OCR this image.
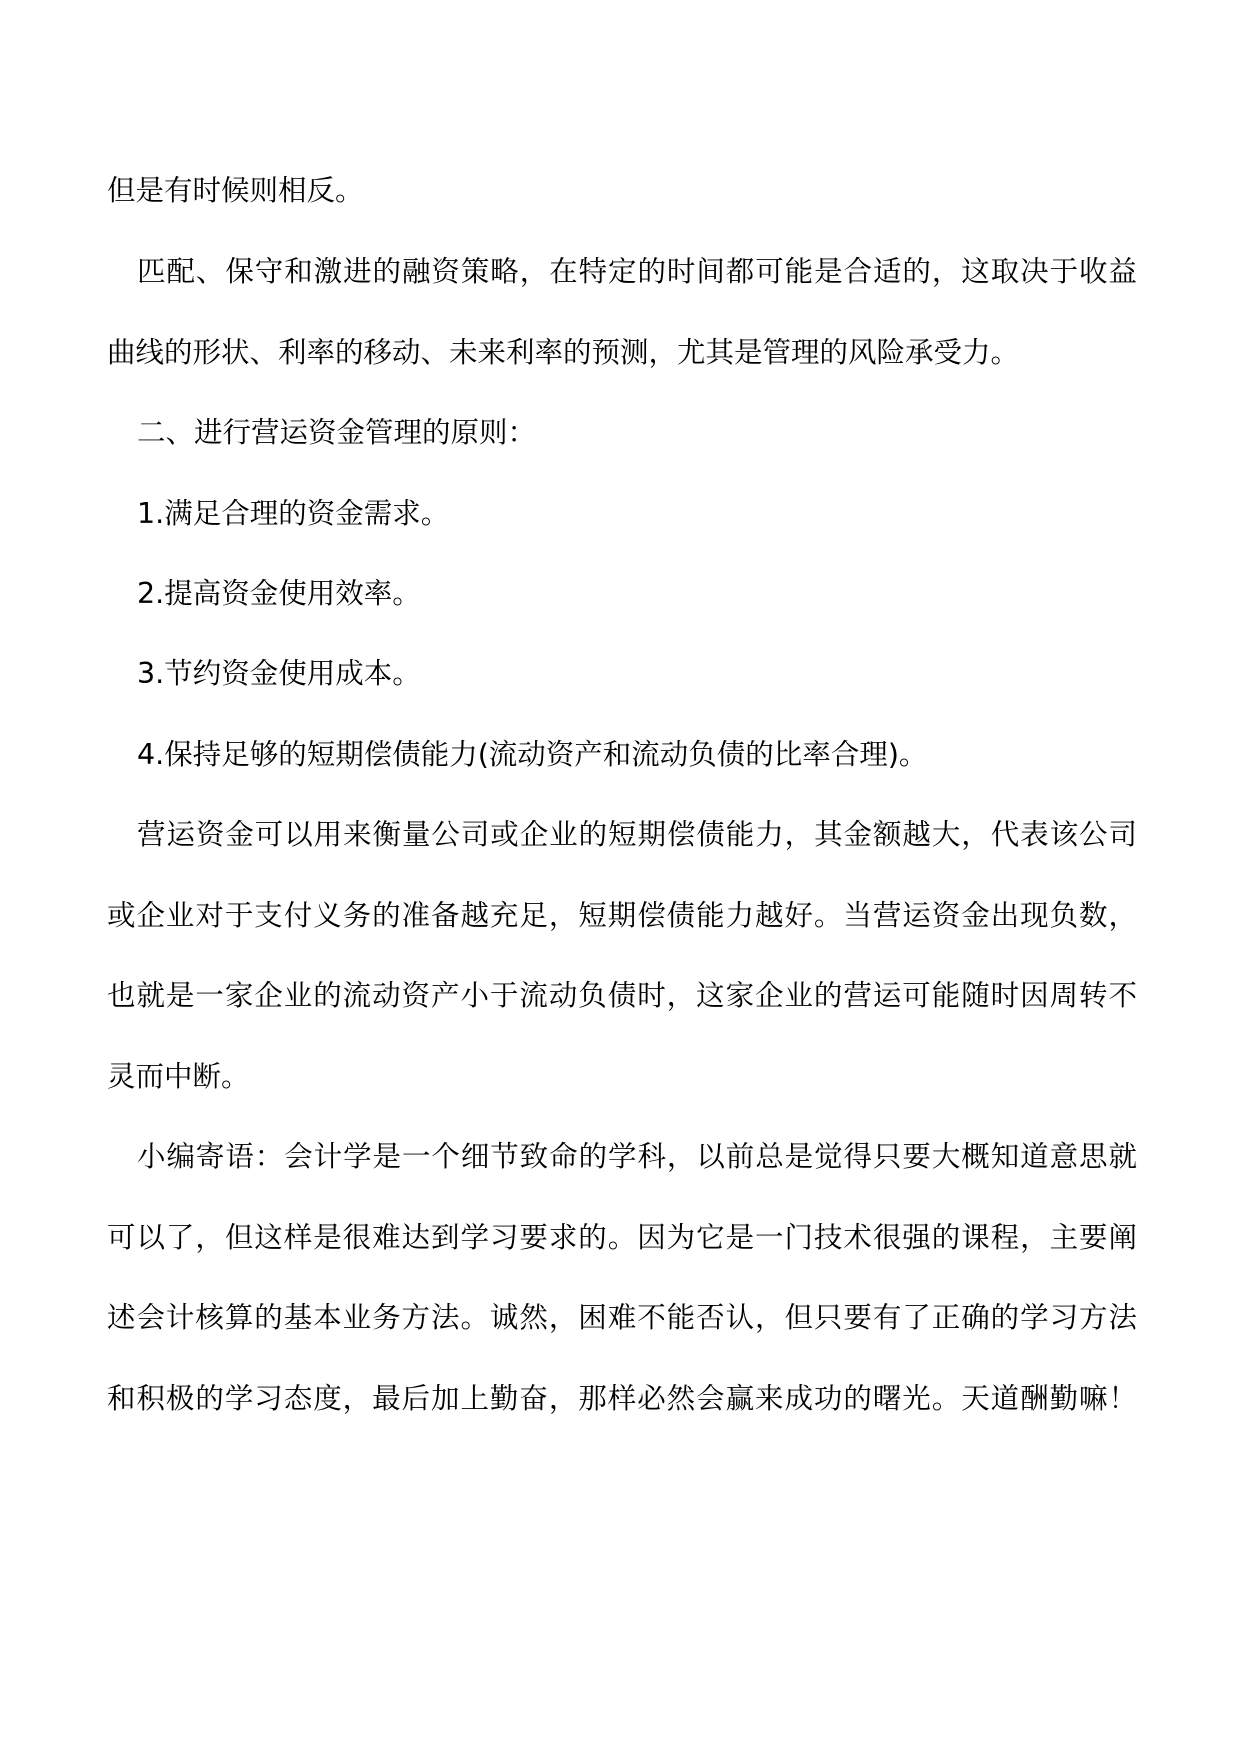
但是有时候则相反。

匹配、保守和激进的融资策略，在特定的时间都可能是合适的，这取决于收益

曲线的形状、利率的移动、未来利率的预测，尤其是管理的风险承受力。

二、进行营运资金管理的原则：

1.满足合理的资金需求。

2.提高资金使用效率。

3.节约资金使用成本。

4.保持足够的短期偿债能力(流动资产和流动负债的比率合理)。

营运资金可以用来衡量公司或企业的短期偿债能力，其金额越大，代表该公司

或企业对于支付义务的准备越充足，短期偿债能力越好。当营运资金出现负数，

也就是一家企业的流动资产小于流动负债时，这家企业的营运可能随时因周转不

灵而中断。

小编寄语：会计学是一个细节致命的学科，以前总是觉得只要大概知道意思就

可以了，但这样是很难达到学习要求的。因为它是一门技术很强的课程，主要阐

述会计核算的基本业务方法。诚然，困难不能否认，但只要有了正确的学习方法

和积极的学习态度，最后加上勤奋，那样必然会赢来成功的曙光。天道酬勤嘛！
